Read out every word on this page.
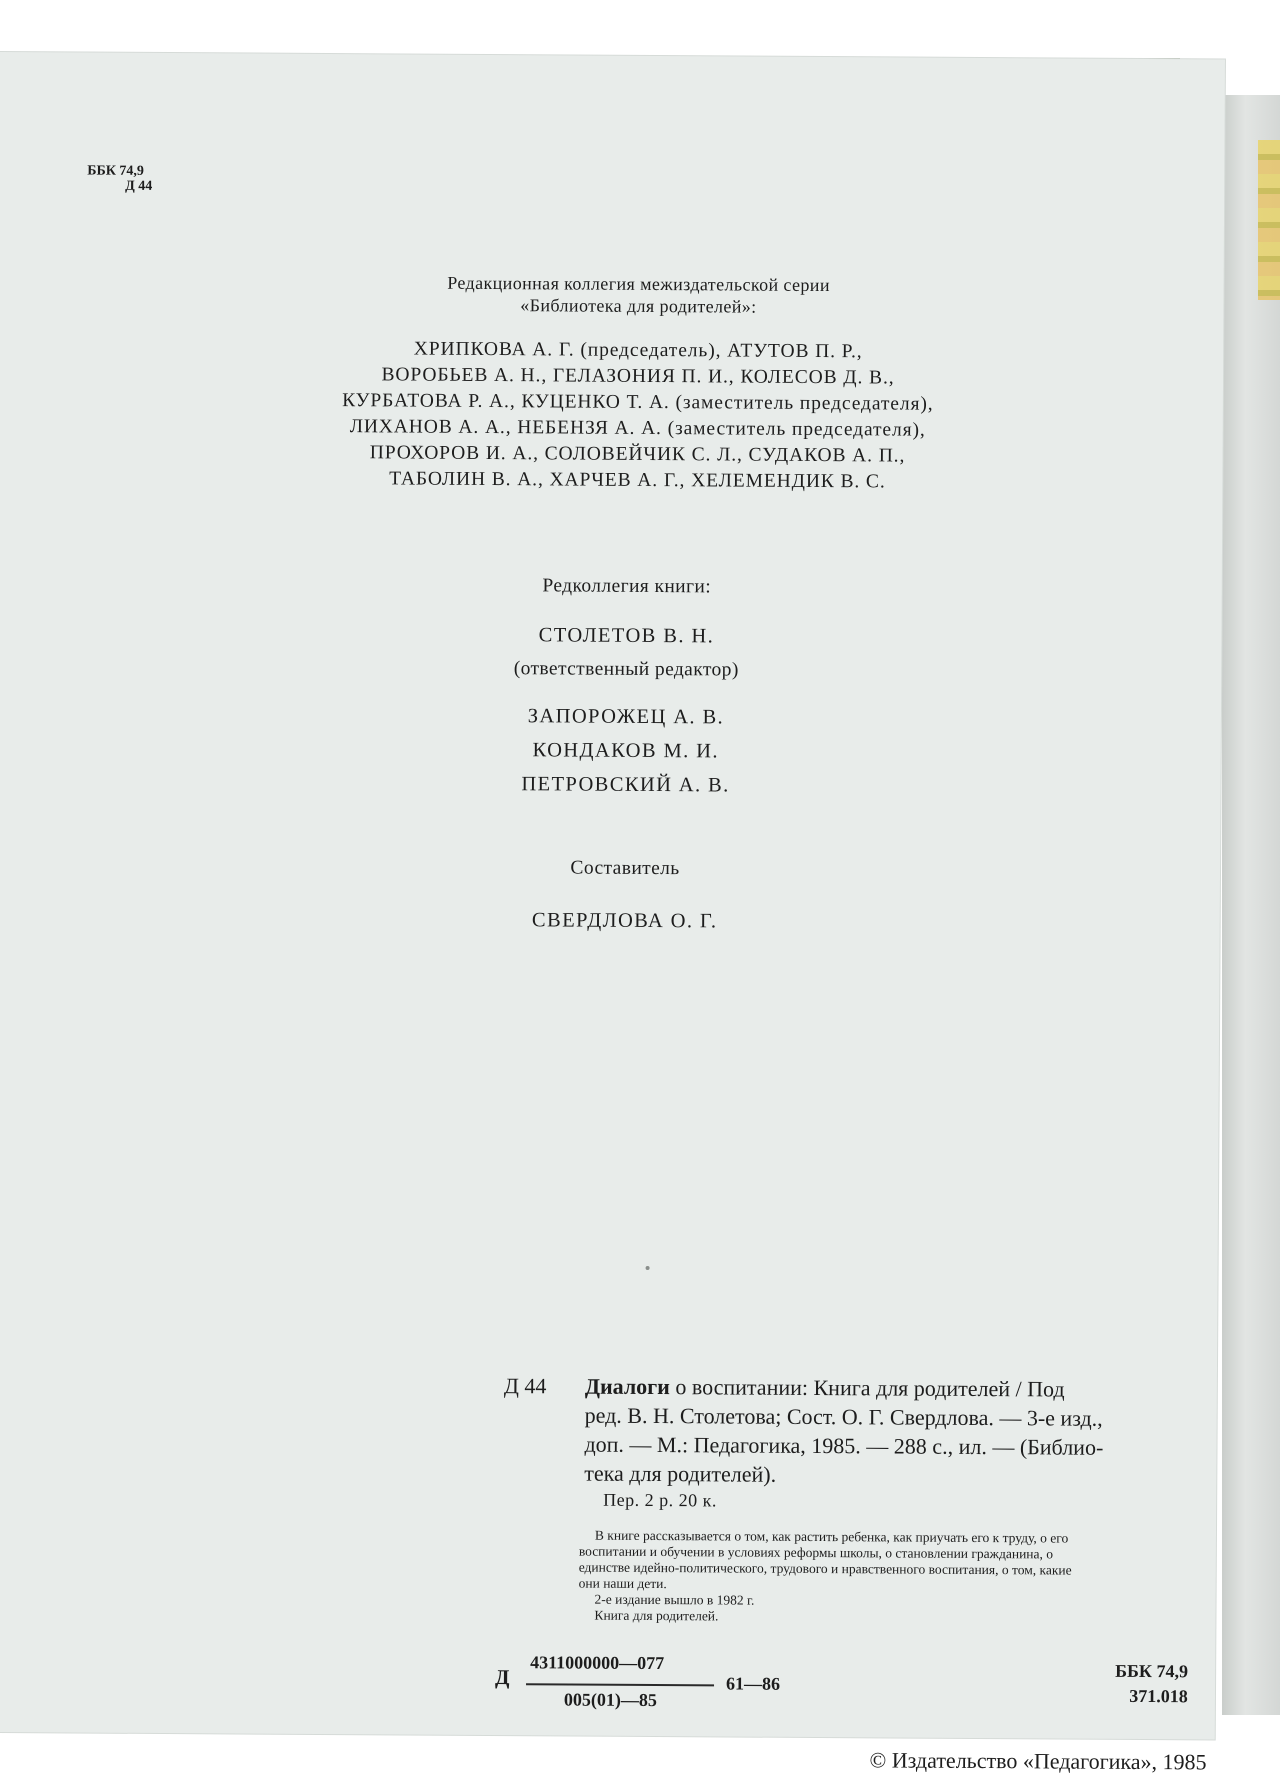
ББК 74,9
Д 44
Редакционная коллегия межиздательской серии
«Библиотека для родителей»:
ХРИПКОВА А. Г. (председатель), АТУТОВ П. Р.,
ВОРОБЬЕВ А. Н., ГЕЛАЗОНИЯ П. И., КОЛЕСОВ Д. В.,
КУРБАТОВА Р. А., КУЦЕНКО Т. А. (заместитель председателя),
ЛИХАНОВ А. А., НЕБЕНЗЯ А. А. (заместитель председателя),
ПРОХОРОВ И. А., СОЛОВЕЙЧИК С. Л., СУДАКОВ А. П.,
ТАБОЛИН В. А., ХАРЧЕВ А. Г., ХЕЛЕМЕНДИК В. С.
Редколлегия книги:
СТОЛЕТОВ В. Н.
(ответственный редактор)
ЗАПОРОЖЕЦ А. В.
КОНДАКОВ М. И.
ПЕТРОВСКИЙ А. В.
Составитель
СВЕРДЛОВА О. Г.
Д 44 Диалоги о воспитании: Книга для родителей / Под
ред. В. Н. Столетова; Сост. О. Г. Свердлова. — 3-е изд.,
доп. — М.: Педагогика, 1985. — 288 с., ил. — (Библио-
тека для родителей).
Пер. 2 р. 20 к.
В книге рассказывается о том, как растить ребенка, как приучать его к труду, о его
воспитании и обучении в условиях реформы школы, о становлении гражданина, о
единстве идейно-политического, трудового и нравственного воспитания, о том, какие
они наши дети.
2-е издание вышло в 1982 г.
Книга для родителей.
Д
4311000000—077
005(01)—85
61—86
ББК 74,9
371.018
© Издательство «Педагогика», 1985
